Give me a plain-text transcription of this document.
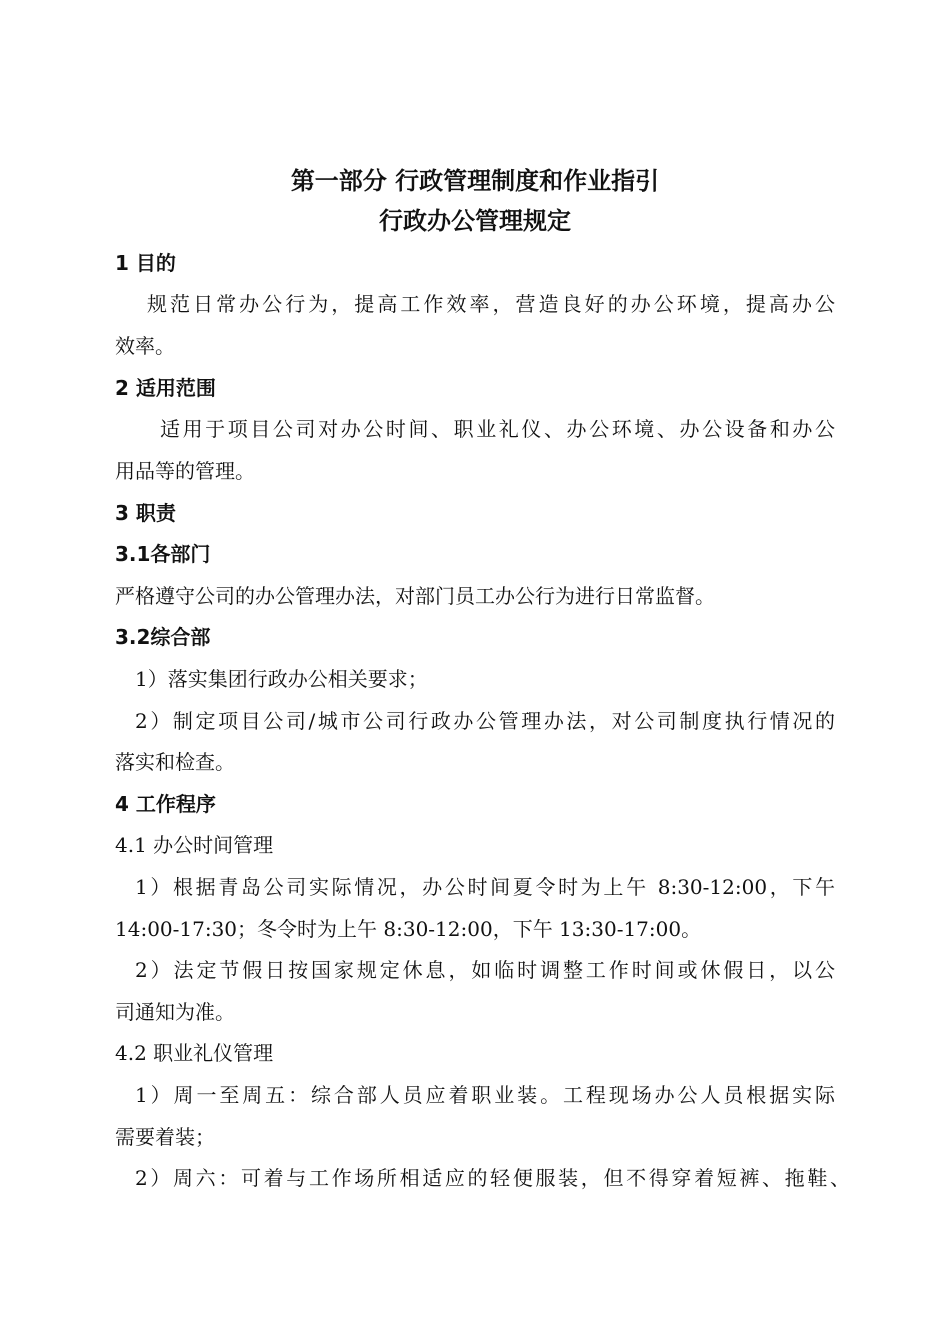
第一部分 行政管理制度和作业指引
行政办公管理规定

1 目的

规范日常办公行为，提高工作效率，营造良好的办公环境，提高办公

效率。

2 适用范围

适用于项目公司对办公时间、职业礼仪、办公环境、办公设备和办公

用品等的管理。

3 职责

3.1各部门

严格遵守公司的办公管理办法，对部门员工办公行为进行日常监督。

3.2综合部

1）落实集团行政办公相关要求；

2）制定项目公司/城市公司行政办公管理办法，对公司制度执行情况的

落实和检查。

4 工作程序

4.1 办公时间管理

1）根据青岛公司实际情况，办公时间夏令时为上午 8:30-12:00，下午

14:00-17:30；冬令时为上午 8:30-12:00，下午 13:30-17:00。

2）法定节假日按国家规定休息，如临时调整工作时间或休假日，以公

司通知为准。

4.2 职业礼仪管理

1）周一至周五：综合部人员应着职业装。工程现场办公人员根据实际

需要着装；

2）周六：可着与工作场所相适应的轻便服装，但不得穿着短裤、拖鞋、
